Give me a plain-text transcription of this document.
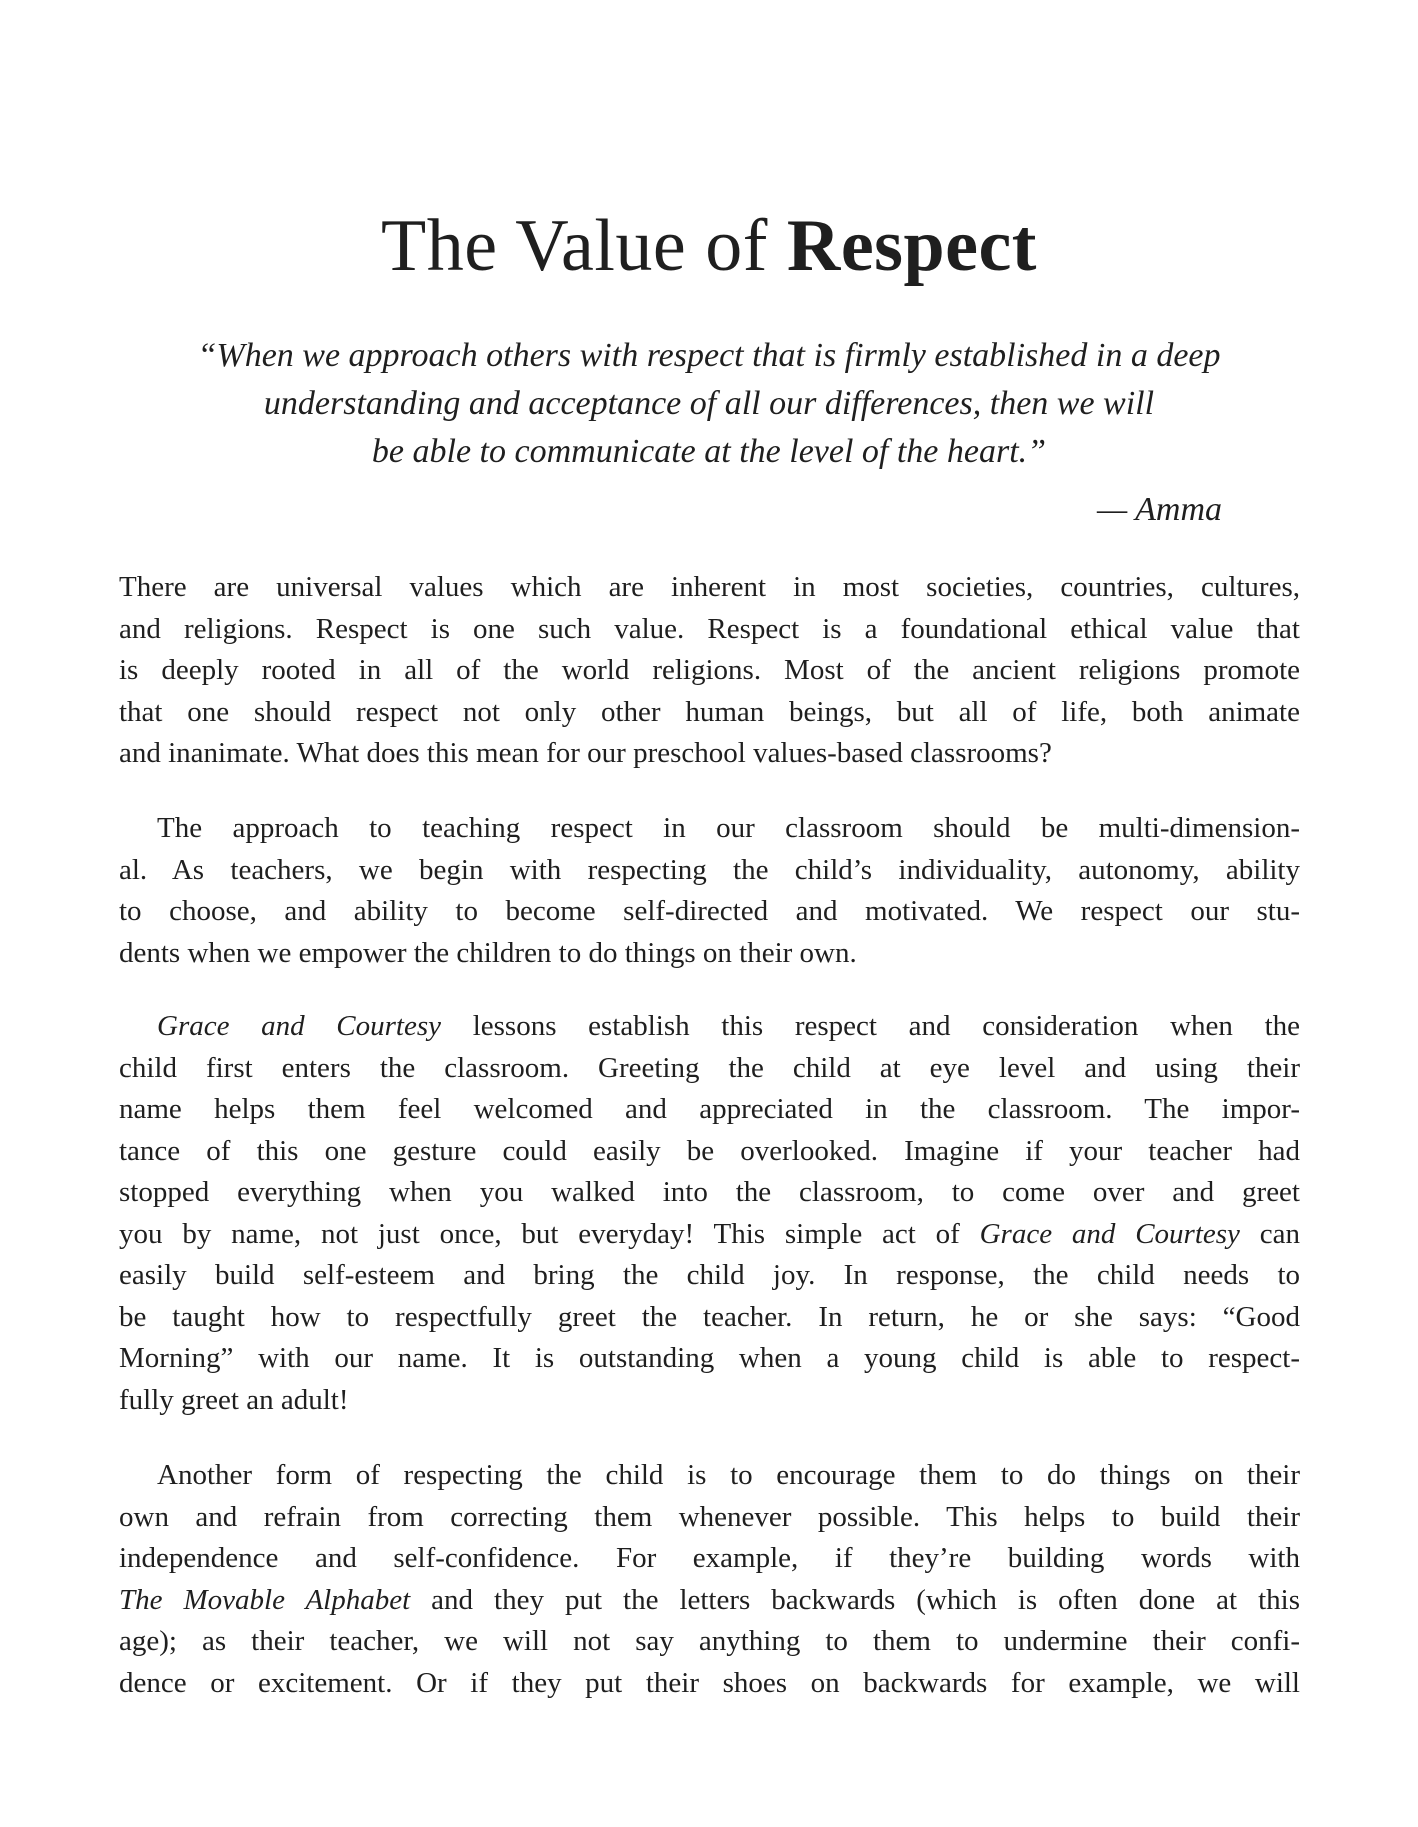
The Value of Respect

“When we approach others with respect that is firmly established in a deep
understanding and acceptance of all our differences, then we will
be able to communicate at the level of the heart.”

— Amma

There are universal values which are inherent in most societies, countries, cultures,
and religions. Respect is one such value. Respect is a foundational ethical value that
is deeply rooted in all of the world religions. Most of the ancient religions promote
that one should respect not only other human beings, but all of life, both animate
and inanimate. What does this mean for our preschool values-based classrooms?
The approach to teaching respect in our classroom should be multi-dimension-
al. As teachers, we begin with respecting the child’s individuality, autonomy, ability
to choose, and ability to become self-directed and motivated. We respect our stu-
dents when we empower the children to do things on their own.
Grace and Courtesy lessons establish this respect and consideration when the
child first enters the classroom. Greeting the child at eye level and using their
name helps them feel welcomed and appreciated in the classroom. The impor-
tance of this one gesture could easily be overlooked. Imagine if your teacher had
stopped everything when you walked into the classroom, to come over and greet
you by name, not just once, but everyday! This simple act of Grace and Courtesy can
easily build self-esteem and bring the child joy. In response, the child needs to
be taught how to respectfully greet the teacher. In return, he or she says: “Good
Morning” with our name. It is outstanding when a young child is able to respect-
fully greet an adult!
Another form of respecting the child is to encourage them to do things on their
own and refrain from correcting them whenever possible. This helps to build their
independence and self-confidence. For example, if they’re building words with
The Movable Alphabet and they put the letters backwards (which is often done at this
age); as their teacher, we will not say anything to them to undermine their confi-
dence or excitement. Or if they put their shoes on backwards for example, we will
